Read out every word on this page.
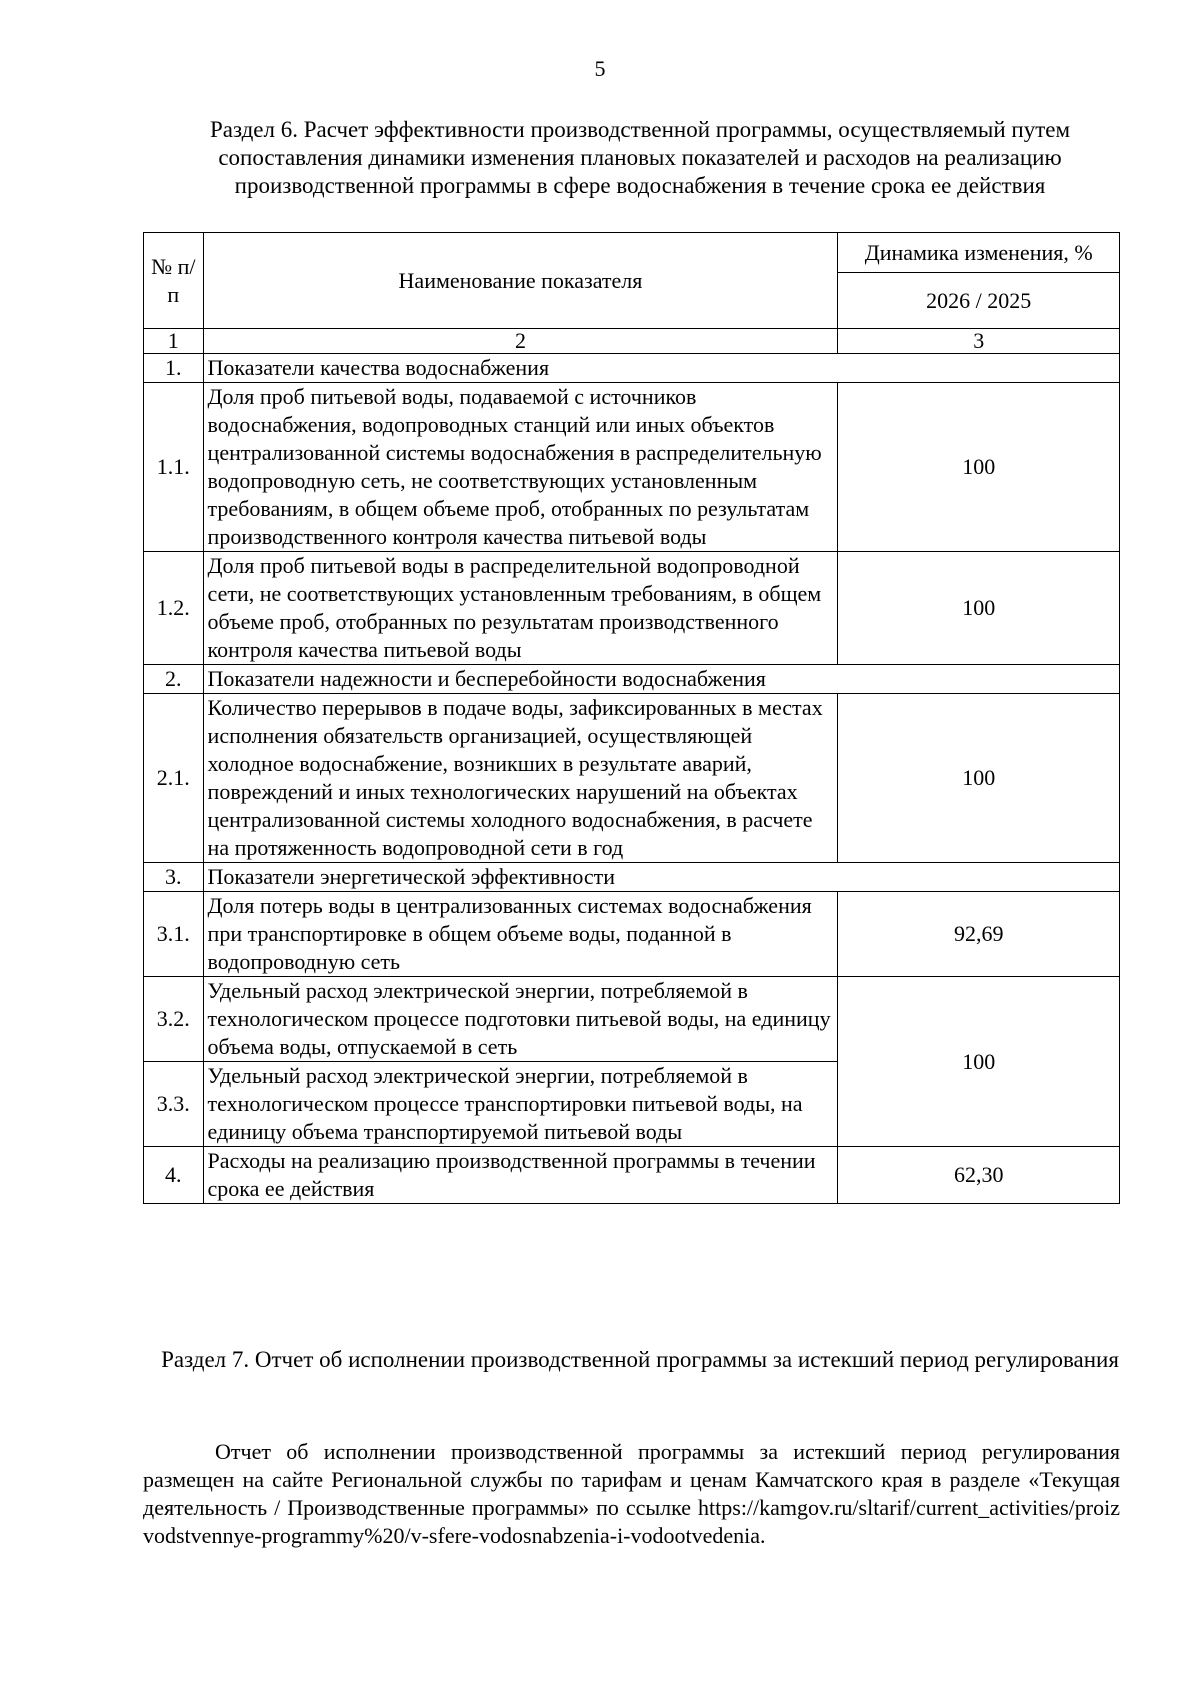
5
Раздел 6. Расчет эффективности производственной программы, осуществляемый путем сопоставления динамики изменения плановых показателей и расходов на реализацию производственной программы в сфере водоснабжения в течение срока ее действия
№ п/п	Наименование показателя	Динамика изменения, %
		2026 / 2025
1	2	3
1.	Показатели качества водоснабжения	
1.1.	Доля проб питьевой воды, подаваемой с источников водоснабжения, водопроводных станций или иных объектов централизованной системы водоснабжения в распределительную водопроводную сеть, не соответствующих установленным требованиям, в общем объеме проб, отобранных по результатам производственного контроля качества питьевой воды	100
1.2.	Доля проб питьевой воды в распределительной водопроводной сети, не соответствующих установленным требованиям, в общем объеме проб, отобранных по результатам производственного контроля качества питьевой воды	100
2.	Показатели надежности и бесперебойности водоснабжения	
2.1.	Количество перерывов в подаче воды, зафиксированных в местах исполнения обязательств организацией, осуществляющей холодное водоснабжение, возникших в результате аварий, повреждений и иных технологических нарушений на объектах централизованной системы холодного водоснабжения, в расчете на протяженность водопроводной сети в год	100
3.	Показатели энергетической эффективности	
3.1.	Доля потерь воды в централизованных системах водоснабжения при транспортировке в общем объеме воды, поданной в водопроводную сеть	92,69
3.2.	Удельный расход электрической энергии, потребляемой в технологическом процессе подготовки питьевой воды, на единицу объема воды, отпускаемой в сеть	100
3.3.	Удельный расход электрической энергии, потребляемой в технологическом процессе транспортировки питьевой воды, на единицу объема транспортируемой питьевой воды	
4.	Расходы на реализацию производственной программы в течении срока ее действия	62,30
Раздел 7. Отчет об исполнении производственной программы за истекший период регулирования
Отчет об исполнении производственной программы за истекший период регулирования размещен на сайте Региональной службы по тарифам и ценам Камчатского края в разделе «Текущая деятельность / Производственные программы» по ссылке https://kamgov.ru/sltarif/current_activities/proizvodstvennye-programmy%20/v-sfere-vodosnabzenia-i-vodootvedenia.
